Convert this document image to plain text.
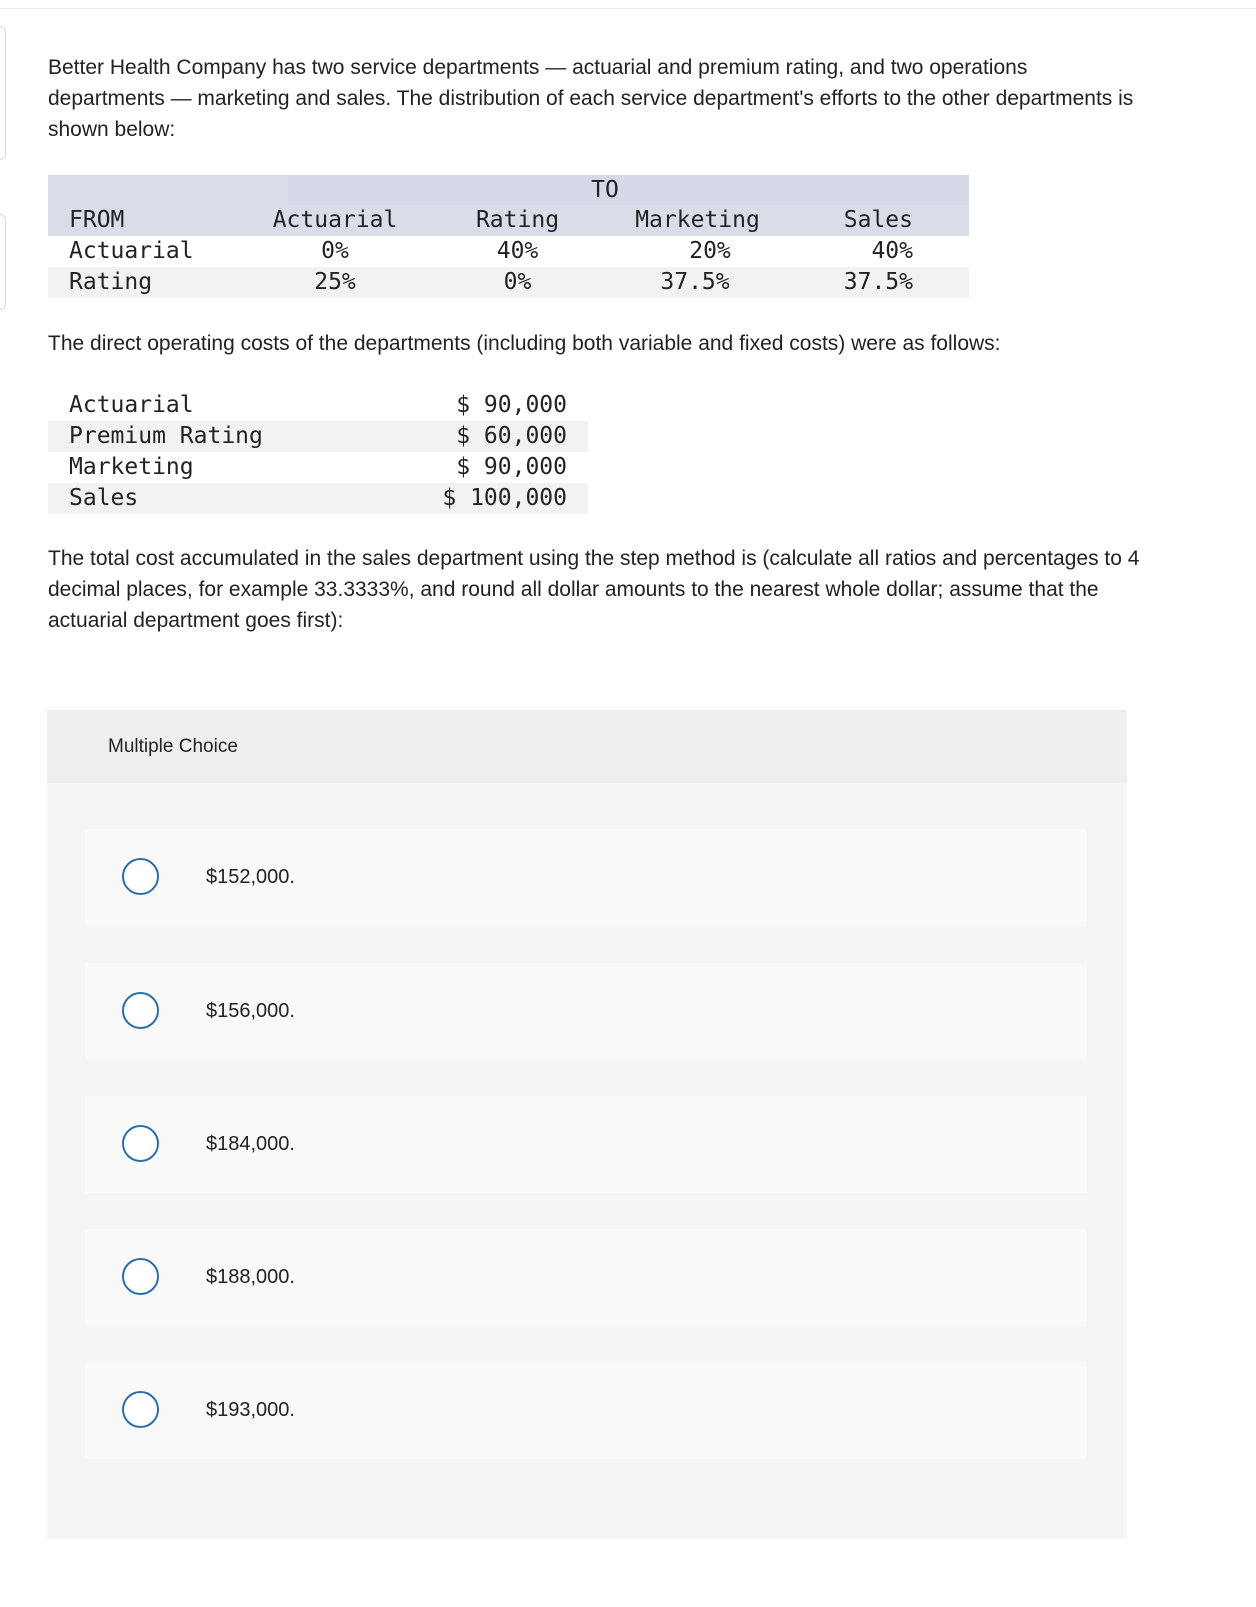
Better Health Company has two service departments — actuarial and premium rating, and two operations departments — marketing and sales. The distribution of each service department's efforts to the other departments is shown below:

TO
FROM	Actuarial	Rating	Marketing	Sales
Actuarial	0%	40%	20%	40%
Rating	25%	0%	37.5%	37.5%

The direct operating costs of the departments (including both variable and fixed costs) were as follows:

Actuarial	$ 90,000
Premium Rating	$ 60,000
Marketing	$ 90,000
Sales	$ 100,000

The total cost accumulated in the sales department using the step method is (calculate all ratios and percentages to 4 decimal places, for example 33.3333%, and round all dollar amounts to the nearest whole dollar; assume that the actuarial department goes first):

Multiple Choice
$152,000.
$156,000.
$184,000.
$188,000.
$193,000.
